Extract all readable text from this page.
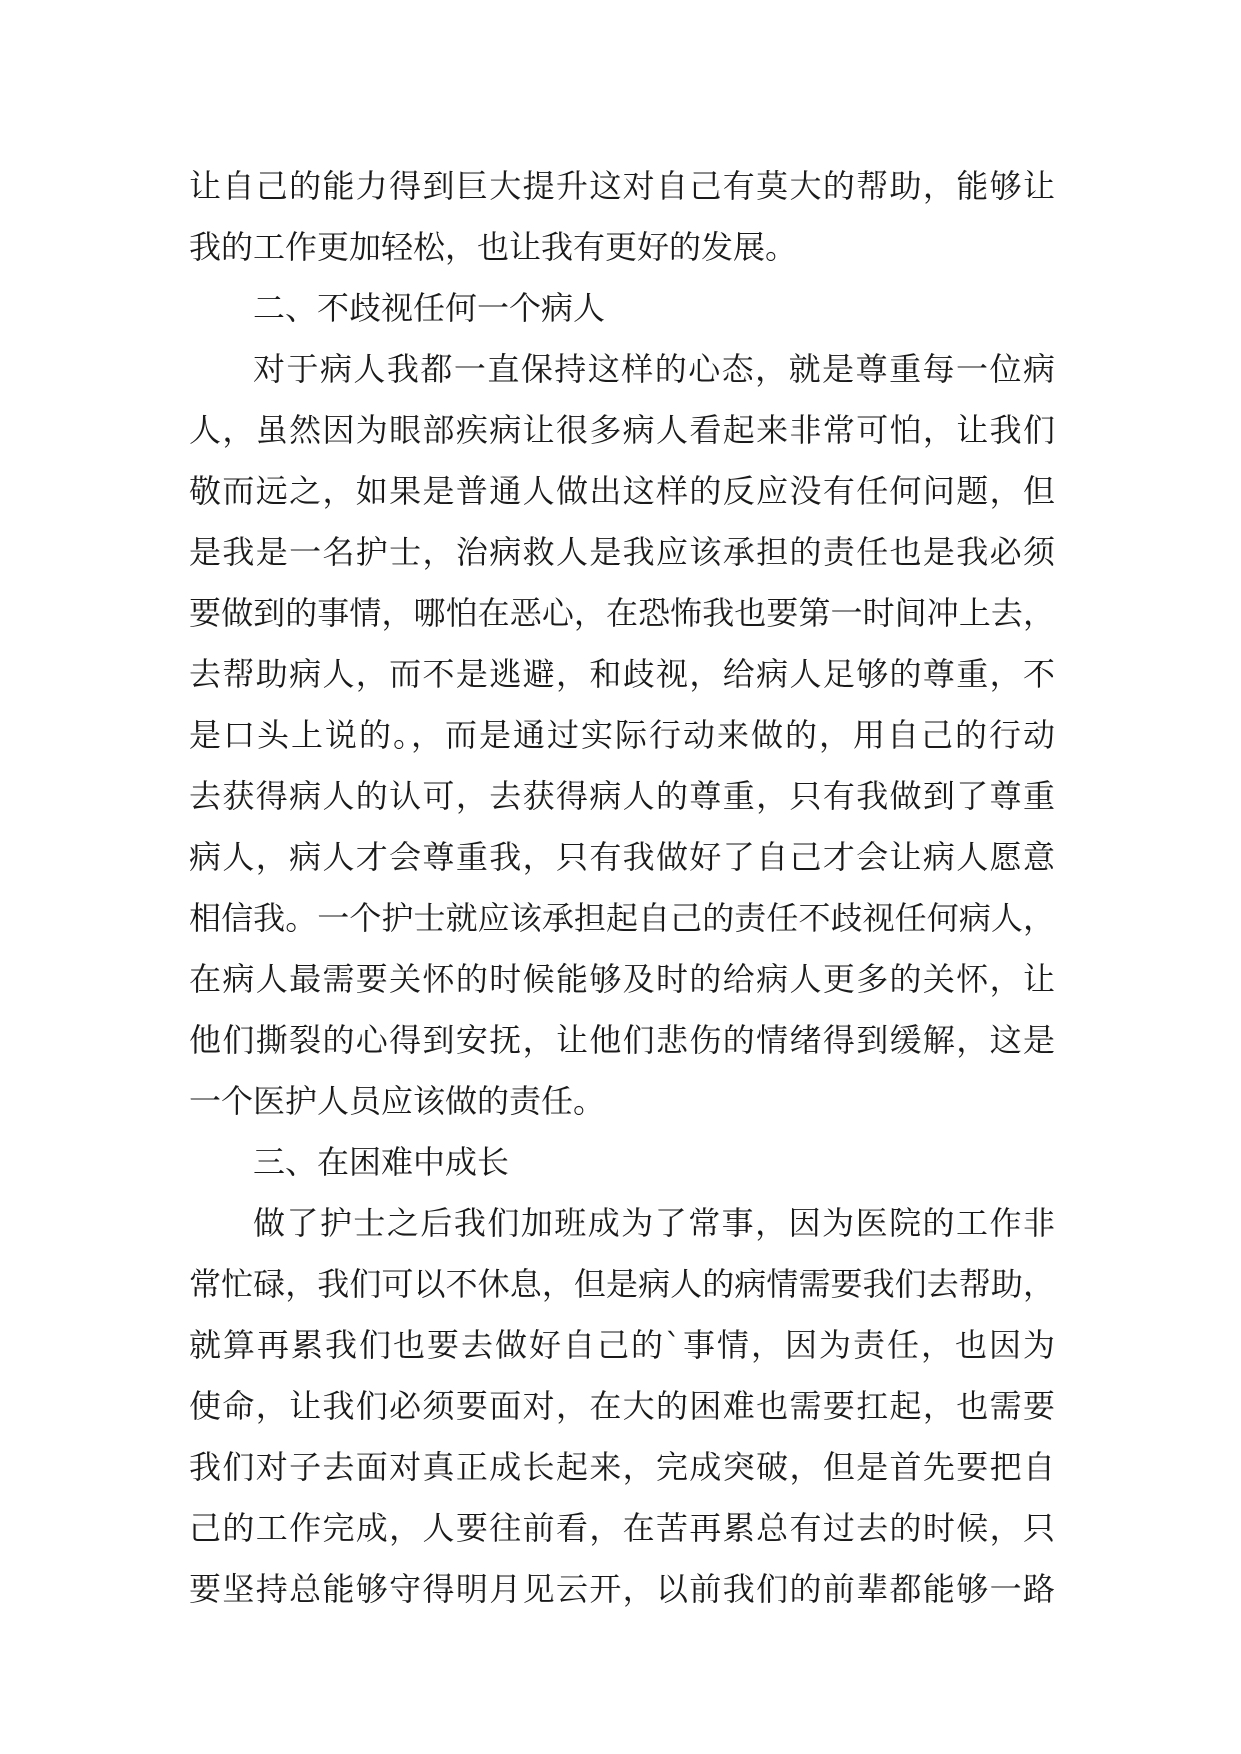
让自己的能力得到巨大提升这对自己有莫大的帮助，能够让
我的工作更加轻松，也让我有更好的发展。
二、不歧视任何一个病人
对于病人我都一直保持这样的心态，就是尊重每一位病
人，虽然因为眼部疾病让很多病人看起来非常可怕，让我们
敬而远之，如果是普通人做出这样的反应没有任何问题，但
是我是一名护士，治病救人是我应该承担的责任也是我必须
要做到的事情，哪怕在恶心，在恐怖我也要第一时间冲上去，
去帮助病人，而不是逃避，和歧视，给病人足够的尊重，不
是口头上说的。，而是通过实际行动来做的，用自己的行动
去获得病人的认可，去获得病人的尊重，只有我做到了尊重
病人，病人才会尊重我，只有我做好了自己才会让病人愿意
相信我。一个护士就应该承担起自己的责任不歧视任何病人，
在病人最需要关怀的时候能够及时的给病人更多的关怀，让
他们撕裂的心得到安抚，让他们悲伤的情绪得到缓解，这是
一个医护人员应该做的责任。
三、在困难中成长
做了护士之后我们加班成为了常事，因为医院的工作非
常忙碌，我们可以不休息，但是病人的病情需要我们去帮助，
就算再累我们也要去做好自己的`事情，因为责任，也因为
使命，让我们必须要面对，在大的困难也需要扛起，也需要
我们对子去面对真正成长起来，完成突破，但是首先要把自
己的工作完成，人要往前看，在苦再累总有过去的时候，只
要坚持总能够守得明月见云开，以前我们的前辈都能够一路
